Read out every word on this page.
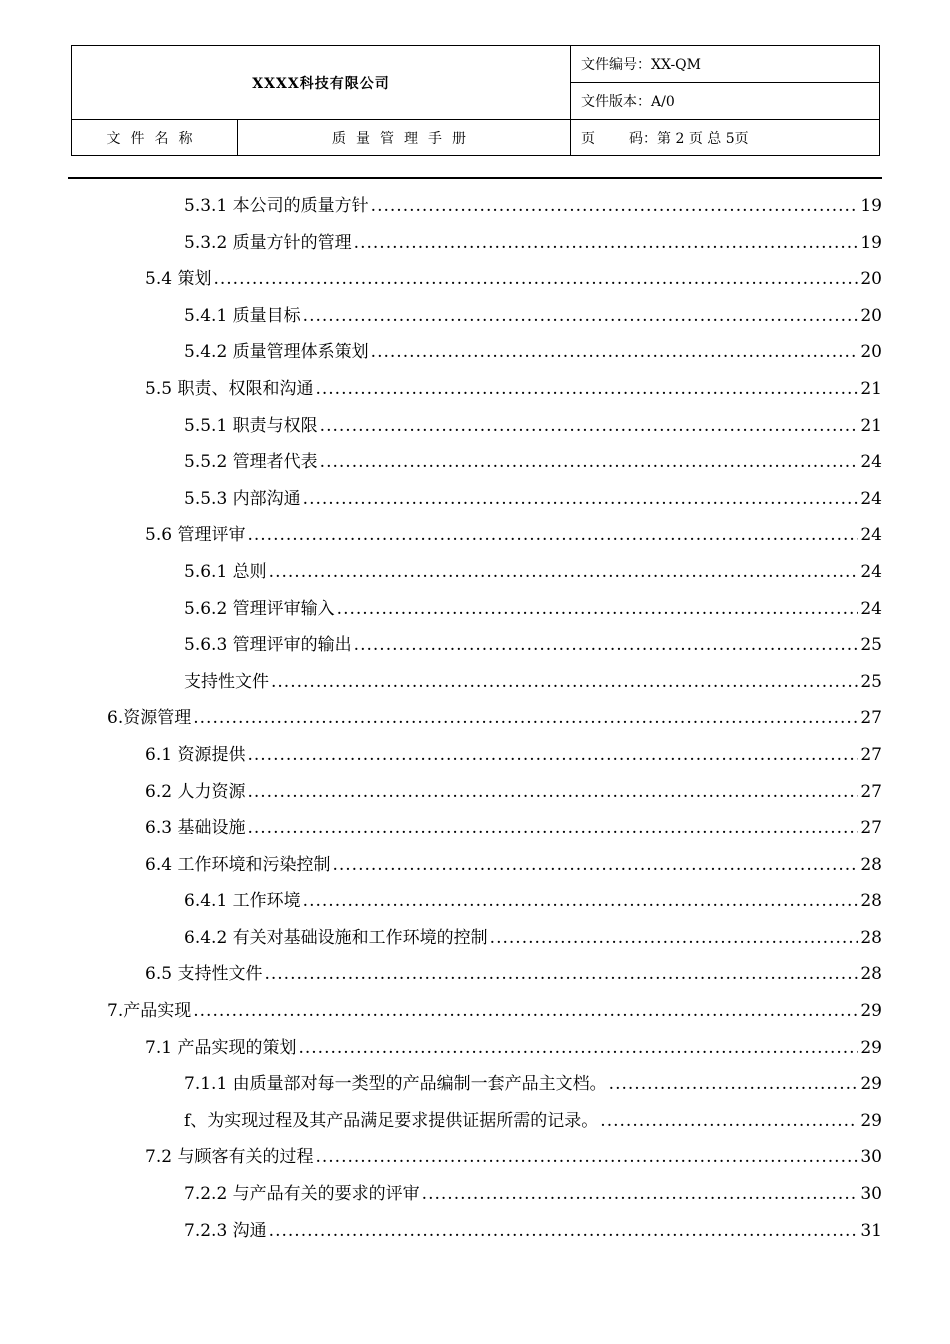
XXXX科技有限公司		文件编号：XX-QM
		文件版本：A/0
文件名称	质量管理手册	页 码：第 2 页 总 5页
5.3.1 本公司的质量方针 .....	19
5.3.2 质量方针的管理 .....	19
5.4 策划 .....	20
5.4.1 质量目标 .....	20
5.4.2 质量管理体系策划 .....	20
5.5 职责、权限和沟通 .....	21
5.5.1 职责与权限 .....	21
5.5.2 管理者代表 .....	24
5.5.3 内部沟通 .....	24
5.6 管理评审 .....	24
5.6.1 总则 .....	24
5.6.2 管理评审输入 .....	24
5.6.3 管理评审的输出 .....	25
支持性文件 .....	25
6.资源管理 .....	27
6.1 资源提供 .....	27
6.2 人力资源 .....	27
6.3 基础设施 .....	27
6.4 工作环境和污染控制 .....	28
6.4.1 工作环境 .....	28
6.4.2 有关对基础设施和工作环境的控制 .....	28
6.5 支持性文件 .....	28
7.产品实现 .....	29
7.1 产品实现的策划 .....	29
7.1.1 由质量部对每一类型的产品编制一套产品主文档。 .....	29
f、为实现过程及其产品满足要求提供证据所需的记录。 .....	29
7.2 与顾客有关的过程 .....	30
7.2.2 与产品有关的要求的评审 .....	30
7.2.3 沟通 .....	31
